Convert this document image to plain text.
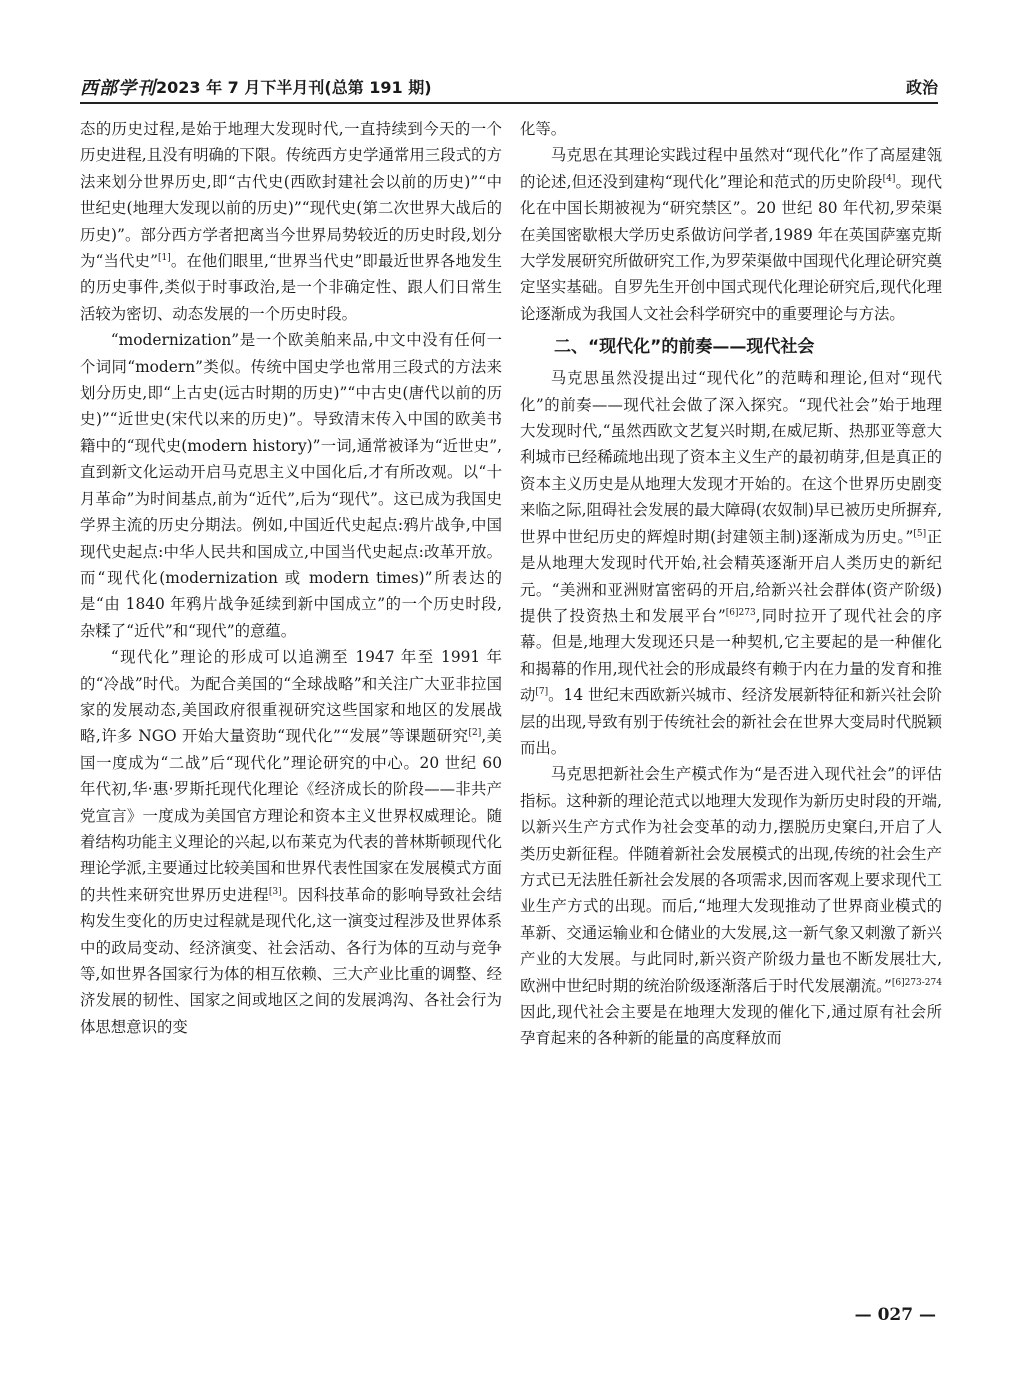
西部学刊 2023 年 7 月下半月刊(总第 191 期)	政治

态的历史过程,是始于地理大发现时代,一直持续到今天的一个历史进程,且没有明确的下限。传统西方史学通常用三段式的方法来划分世界历史,即“古代史(西欧封建社会以前的历史)”“中世纪史(地理大发现以前的历史)”“现代史(第二次世界大战后的历史)”。部分西方学者把离当今世界局势较近的历史时段,划分为“当代史”[1]。在他们眼里,“世界当代史”即最近世界各地发生的历史事件,类似于时事政治,是一个非确定性、跟人们日常生活较为密切、动态发展的一个历史时段。

“modernization”是一个欧美舶来品,中文中没有任何一个词同“modern”类似。传统中国史学也常用三段式的方法来划分历史,即“上古史(远古时期的历史)”“中古史(唐代以前的历史)”“近世史(宋代以来的历史)”。导致清末传入中国的欧美书籍中的“现代史(modern history)”一词,通常被译为“近世史”,直到新文化运动开启马克思主义中国化后,才有所改观。以“十月革命”为时间基点,前为“近代”,后为“现代”。这已成为我国史学界主流的历史分期法。例如,中国近代史起点:鸦片战争,中国现代史起点:中华人民共和国成立,中国当代史起点:改革开放。而“现代化(modernization 或 modern times)”所表达的是“由 1840 年鸦片战争延续到新中国成立”的一个历史时段,杂糅了“近代”和“现代”的意蕴。

“现代化”理论的形成可以追溯至 1947 年至 1991 年的“冷战”时代。为配合美国的“全球战略”和关注广大亚非拉国家的发展动态,美国政府很重视研究这些国家和地区的发展战略,许多 NGO 开始大量资助“现代化”“发展”等课题研究[2],美国一度成为“二战”后“现代化”理论研究的中心。20 世纪 60 年代初,华·惠·罗斯托现代化理论《经济成长的阶段——非共产党宣言》一度成为美国官方理论和资本主义世界权威理论。随着结构功能主义理论的兴起,以布莱克为代表的普林斯顿现代化理论学派,主要通过比较美国和世界代表性国家在发展模式方面的共性来研究世界历史进程[3]。因科技革命的影响导致社会结构发生变化的历史过程就是现代化,这一演变过程涉及世界体系中的政局变动、经济演变、社会活动、各行为体的互动与竞争等,如世界各国家行为体的相互依赖、三大产业比重的调整、经济发展的韧性、国家之间或地区之间的发展鸿沟、各社会行为体思想意识的变

化等。

马克思在其理论实践过程中虽然对“现代化”作了高屋建瓴的论述,但还没到建构“现代化”理论和范式的历史阶段[4]。现代化在中国长期被视为“研究禁区”。20 世纪 80 年代初,罗荣渠在美国密歇根大学历史系做访问学者,1989 年在英国萨塞克斯大学发展研究所做研究工作,为罗荣渠做中国现代化理论研究奠定坚实基础。自罗先生开创中国式现代化理论研究后,现代化理论逐渐成为我国人文社会科学研究中的重要理论与方法。

二、“现代化”的前奏——现代社会

马克思虽然没提出过“现代化”的范畴和理论,但对“现代化”的前奏——现代社会做了深入探究。“现代社会”始于地理大发现时代,“虽然西欧文艺复兴时期,在威尼斯、热那亚等意大利城市已经稀疏地出现了资本主义生产的最初萌芽,但是真正的资本主义历史是从地理大发现才开始的。在这个世界历史剧变来临之际,阻碍社会发展的最大障碍(农奴制)早已被历史所摒弃,世界中世纪历史的辉煌时期(封建领主制)逐渐成为历史。”[5]正是从地理大发现时代开始,社会精英逐渐开启人类历史的新纪元。“美洲和亚洲财富密码的开启,给新兴社会群体(资产阶级)提供了投资热土和发展平台”$^{[6]273}$,同时拉开了现代社会的序幕。但是,地理大发现还只是一种契机,它主要起的是一种催化和揭幕的作用,现代社会的形成最终有赖于内在力量的发育和推动[7]。14 世纪末西欧新兴城市、经济发展新特征和新兴社会阶层的出现,导致有别于传统社会的新社会在世界大变局时代脱颖而出。

马克思把新社会生产模式作为“是否进入现代社会”的评估指标。这种新的理论范式以地理大发现作为新历史时段的开端,以新兴生产方式作为社会变革的动力,摆脱历史窠臼,开启了人类历史新征程。伴随着新社会发展模式的出现,传统的社会生产方式已无法胜任新社会发展的各项需求,因而客观上要求现代工业生产方式的出现。而后,“地理大发现推动了世界商业模式的革新、交通运输业和仓储业的大发展,这一新气象又刺激了新兴产业的大发展。与此同时,新兴资产阶级力量也不断发展壮大,欧洲中世纪时期的统治阶级逐渐落后于时代发展潮流。”$^{[6]273-274}$因此,现代社会主要是在地理大发现的催化下,通过原有社会所孕育起来的各种新的能量的高度释放而

— 027 —
